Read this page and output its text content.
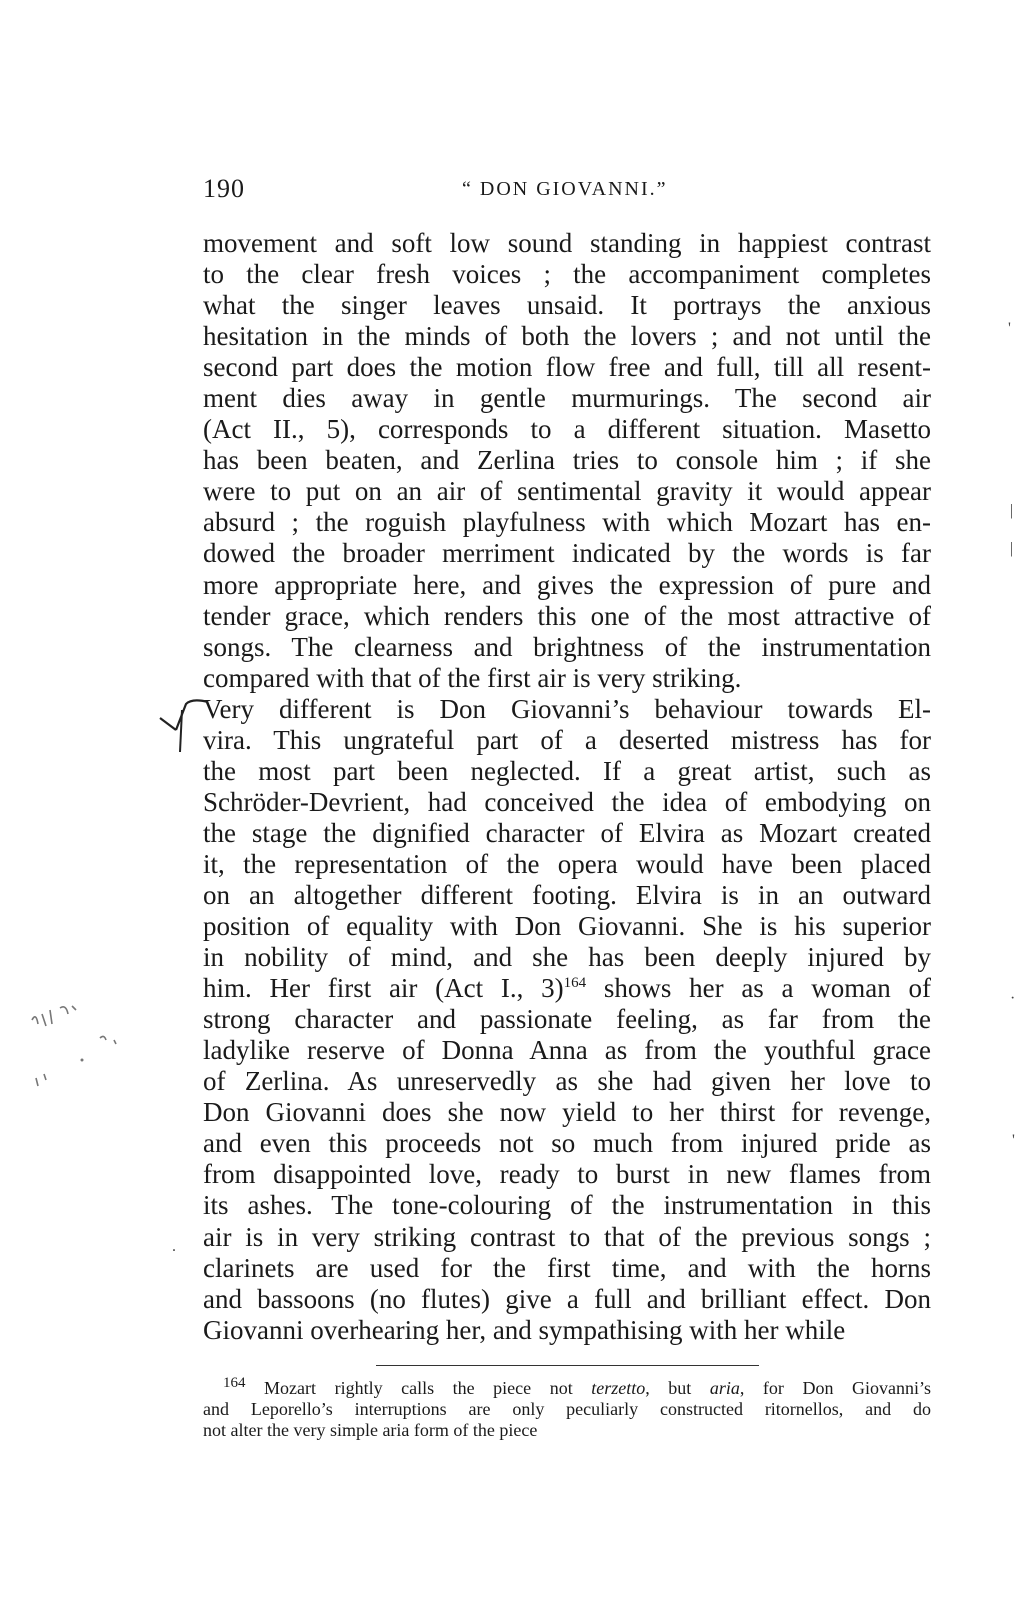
190	“ DON GIOVANNI.”
movement and soft low sound standing in happiest contrast
to the clear fresh voices ; the accompaniment completes
what the singer leaves unsaid. It portrays the anxious
hesitation in the minds of both the lovers ; and not until the
second part does the motion flow free and full, till all resent-
ment dies away in gentle murmurings. The second air
(Act II., 5), corresponds to a different situation. Masetto
has been beaten, and Zerlina tries to console him ; if she
were to put on an air of sentimental gravity it would appear
absurd ; the roguish playfulness with which Mozart has en-
dowed the broader merriment indicated by the words is far
more appropriate here, and gives the expression of pure and
tender grace, which renders this one of the most attractive of
songs. The clearness and brightness of the instrumentation
compared with that of the first air is very striking.
Very different is Don Giovanni’s behaviour towards El-
vira. This ungrateful part of a deserted mistress has for
the most part been neglected. If a great artist, such as
Schröder-Devrient, had conceived the idea of embodying on
the stage the dignified character of Elvira as Mozart created
it, the representation of the opera would have been placed
on an altogether different footing. Elvira is in an outward
position of equality with Don Giovanni. She is his superior
in nobility of mind, and she has been deeply injured by
him. Her first air (Act I., 3)$^{164}$ shows her as a woman of
strong character and passionate feeling, as far from the
ladylike reserve of Donna Anna as from the youthful grace
of Zerlina. As unreservedly as she had given her love to
Don Giovanni does she now yield to her thirst for revenge,
and even this proceeds not so much from injured pride as
from disappointed love, ready to burst in new flames from
its ashes. The tone-colouring of the instrumentation in this
air is in very striking contrast to that of the previous songs ;
clarinets are used for the first time, and with the horns
and bassoons (no flutes) give a full and brilliant effect. Don
Giovanni overhearing her, and sympathising with her while
$^{164}$ Mozart rightly calls the piece not terzetto, but aria, for Don Giovanni’s
and Leporello’s interruptions are only peculiarly constructed ritornellos, and do
not alter the very simple aria form of the piece
'
|
|
·
'
.
